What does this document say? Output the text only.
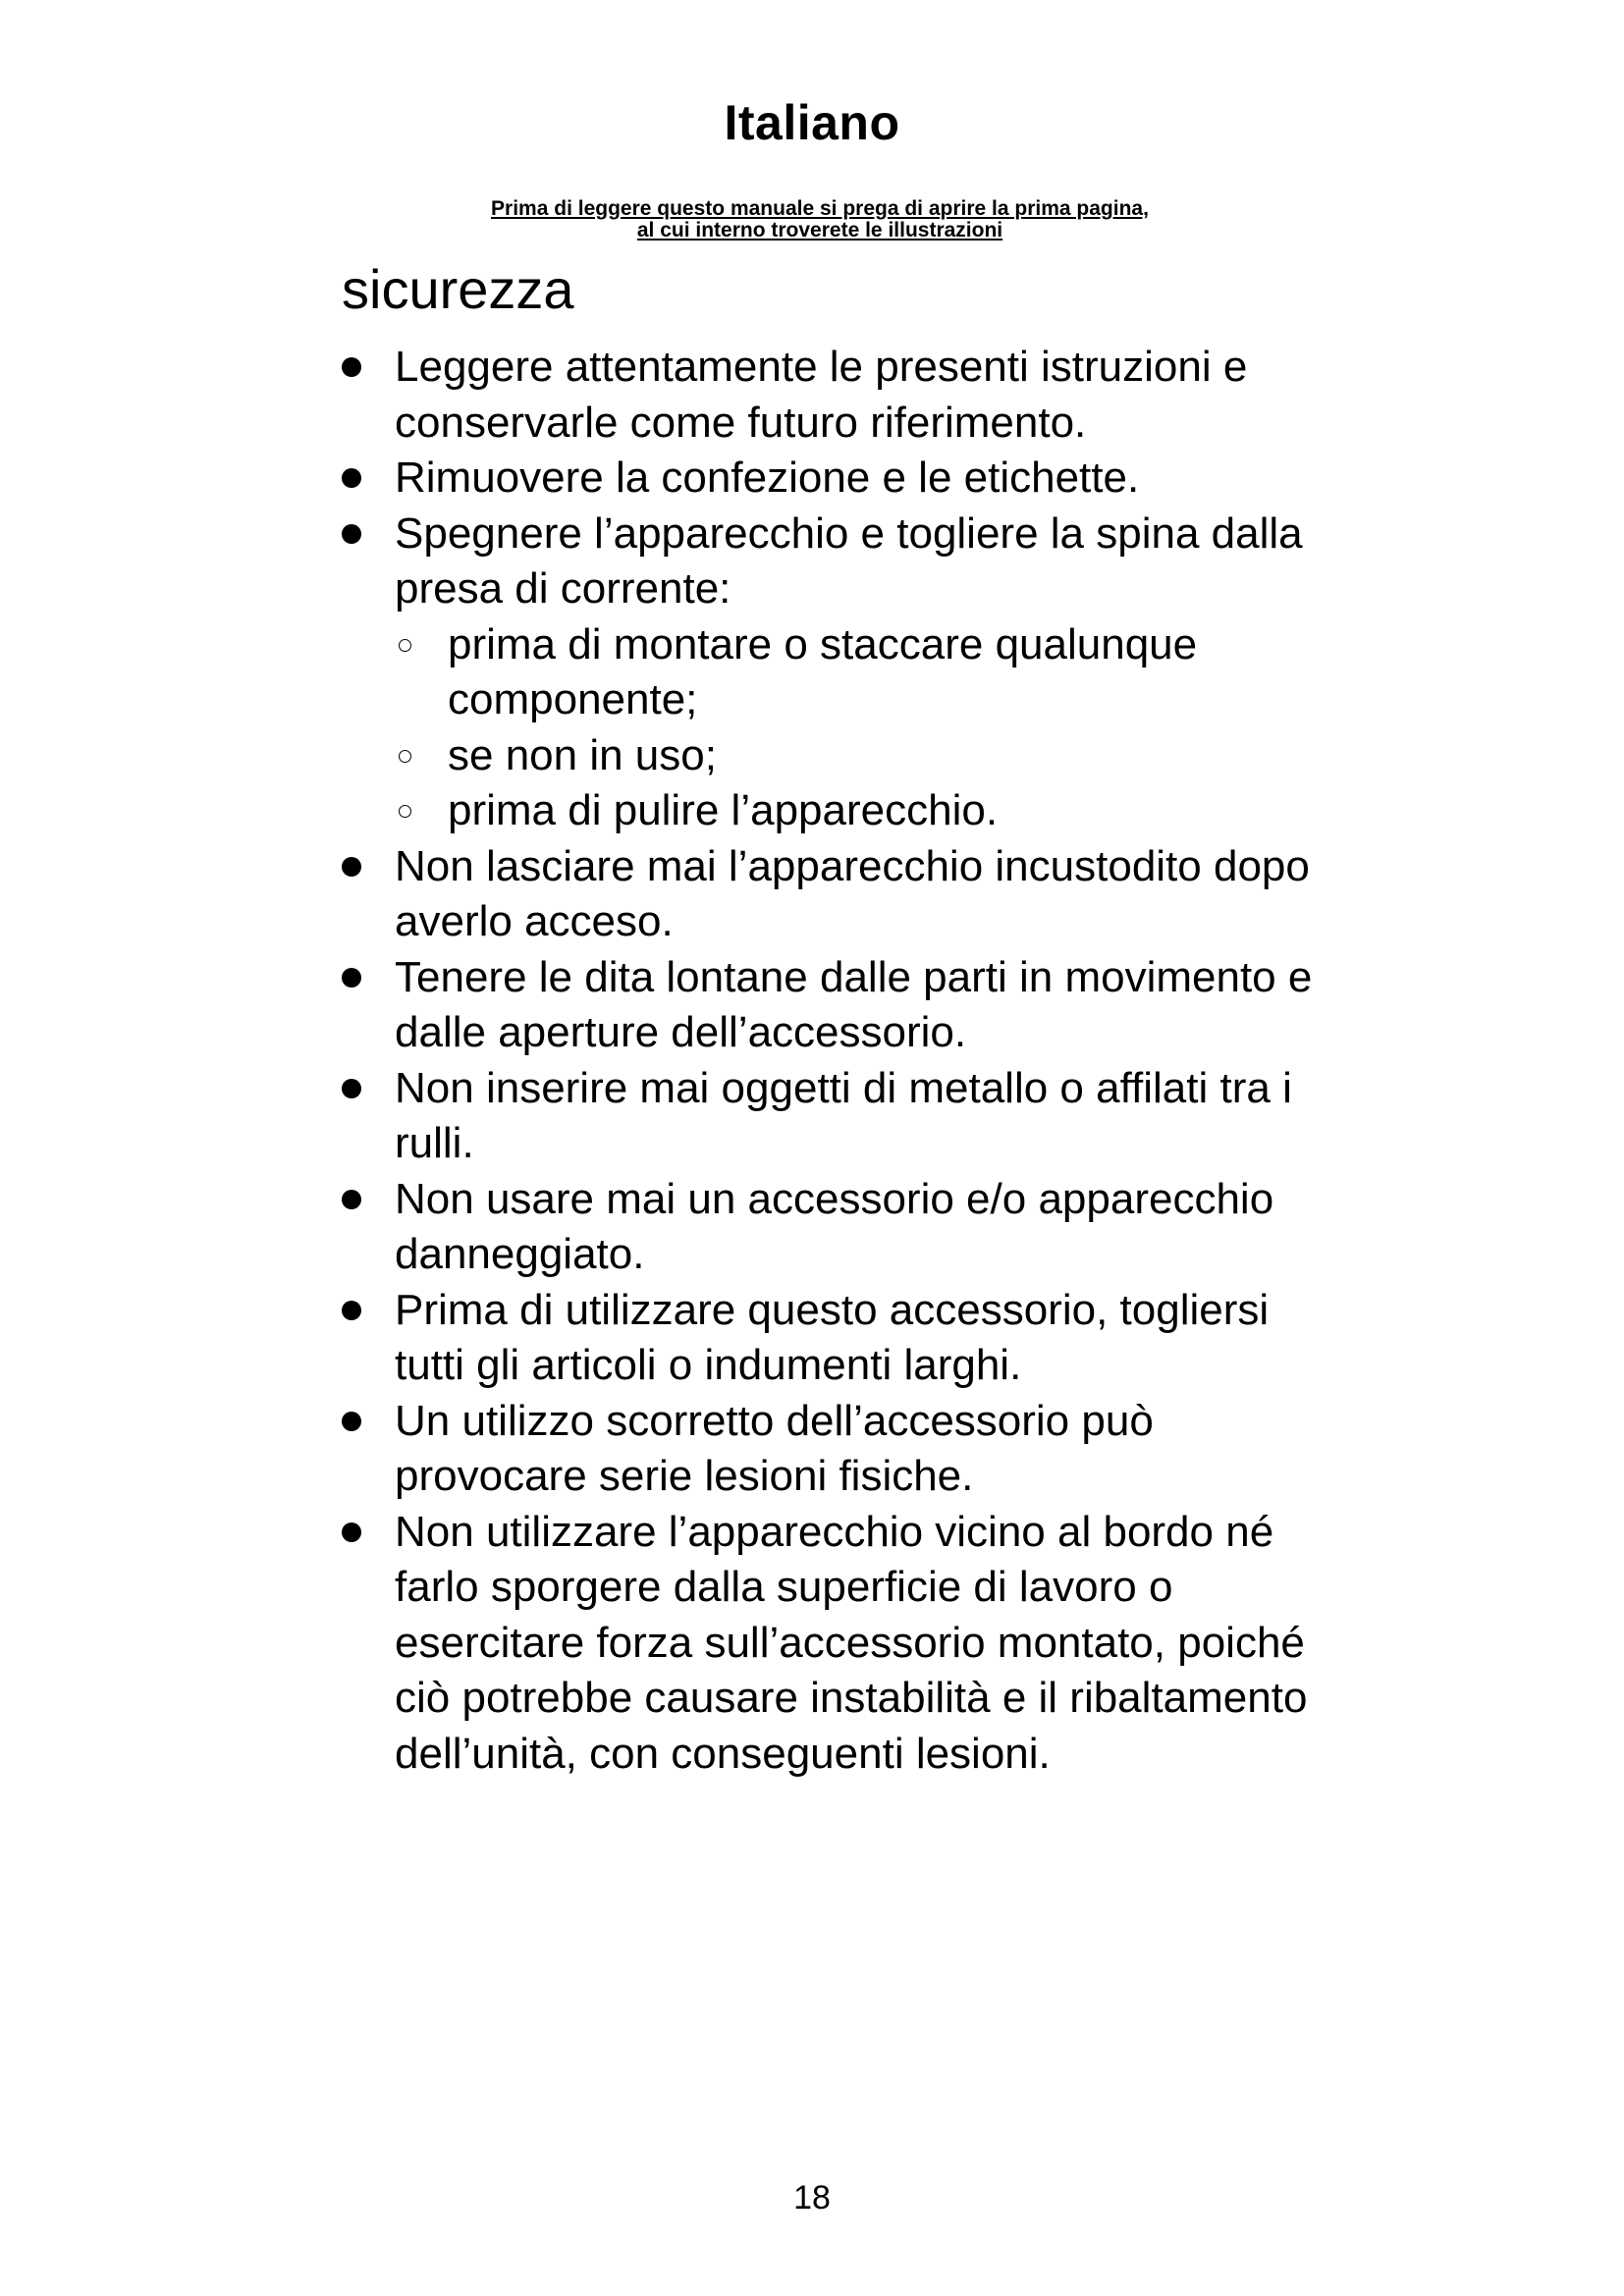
Italiano
Prima di leggere questo manuale si prega di aprire la prima pagina,
al cui interno troverete le illustrazioni
sicurezza
Leggere attentamente le presenti istruzioni e conservarle come futuro riferimento.
Rimuovere la confezione e le etichette.
Spegnere l’apparecchio e togliere la spina dalla presa di corrente:
prima di montare o staccare qualunque componente;
se non in uso;
prima di pulire l’apparecchio.
Non lasciare mai l’apparecchio incustodito dopo averlo acceso.
Tenere le dita lontane dalle parti in movimento e dalle aperture dell’accessorio.
Non inserire mai oggetti di metallo o affilati tra i rulli.
Non usare mai un accessorio e/o apparecchio danneggiato.
Prima di utilizzare questo accessorio, togliersi tutti gli articoli o indumenti larghi.
Un utilizzo scorretto dell’accessorio può provocare serie lesioni fisiche.
Non utilizzare l’apparecchio vicino al bordo né farlo sporgere dalla superficie di lavoro o esercitare forza sull’accessorio montato, poiché ciò potrebbe causare instabilità e il ribaltamento dell’unità, con conseguenti lesioni.
18
